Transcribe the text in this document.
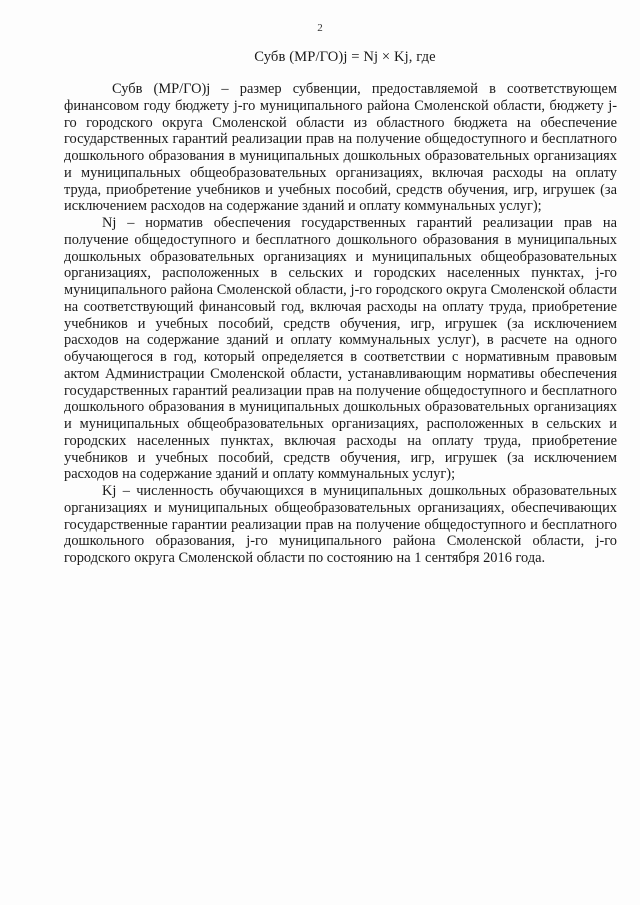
2
Субв (МР/ГО)j = Nj × Kj, где

Субв (МР/ГО)j – размер субвенции, предоставляемой в соответствующем финансовом году бюджету j-го муниципального района Смоленской области, бюджету j-го городского округа Смоленской области из областного бюджета на обеспечение государственных гарантий реализации прав на получение общедоступного и бесплатного дошкольного образования в муниципальных дошкольных образовательных организациях и муниципальных общеобразовательных организациях, включая расходы на оплату труда, приобретение учебников и учебных пособий, средств обучения, игр, игрушек (за исключением расходов на содержание зданий и оплату коммунальных услуг);

Nj – норматив обеспечения государственных гарантий реализации прав на получение общедоступного и бесплатного дошкольного образования в муниципальных дошкольных образовательных организациях и муниципальных общеобразовательных организациях, расположенных в сельских и городских населенных пунктах, j-го муниципального района Смоленской области, j-го городского округа Смоленской области на соответствующий финансовый год, включая расходы на оплату труда, приобретение учебников и учебных пособий, средств обучения, игр, игрушек (за исключением расходов на содержание зданий и оплату коммунальных услуг), в расчете на одного обучающегося в год, который определяется в соответствии с нормативным правовым актом Администрации Смоленской области, устанавливающим нормативы обеспечения государственных гарантий реализации прав на получение общедоступного и бесплатного дошкольного образования в муниципальных дошкольных образовательных организациях и муниципальных общеобразовательных организациях, расположенных в сельских и городских населенных пунктах, включая расходы на оплату труда, приобретение учебников и учебных пособий, средств обучения, игр, игрушек (за исключением расходов на содержание зданий и оплату коммунальных услуг);

Kj – численность обучающихся в муниципальных дошкольных образовательных организациях и муниципальных общеобразовательных организациях, обеспечивающих государственные гарантии реализации прав на получение общедоступного и бесплатного дошкольного образования, j-го муниципального района Смоленской области, j-го городского округа Смоленской области по состоянию на 1 сентября 2016 года.
